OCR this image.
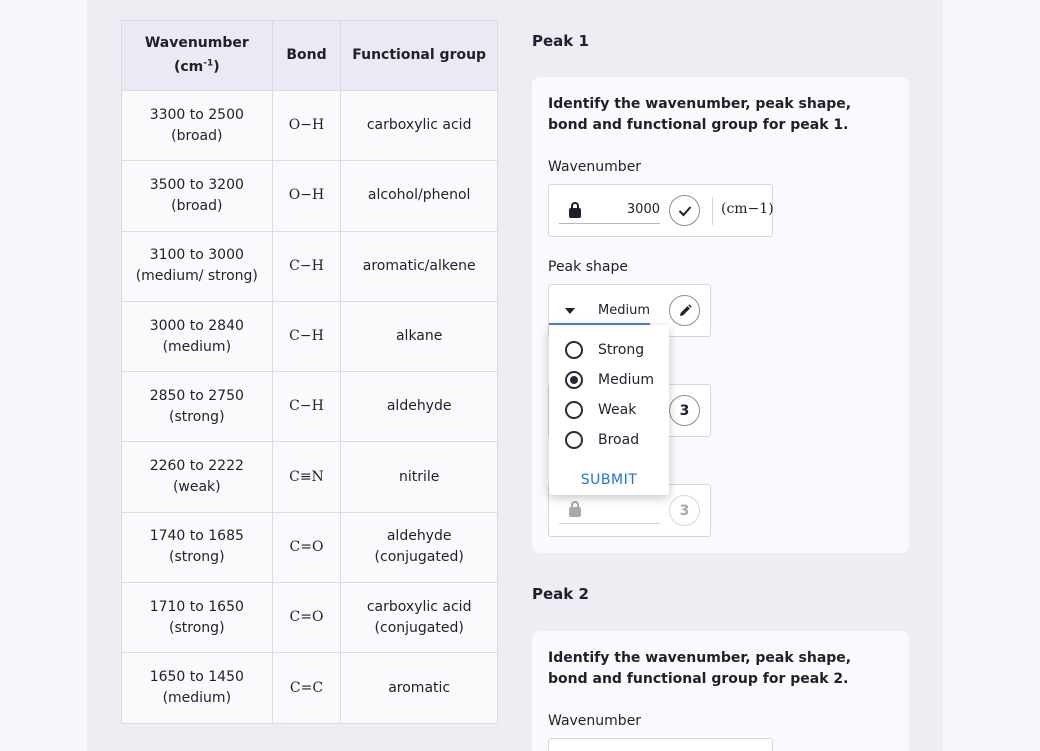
Wavenumber
$(cm^{-1})$	Bond	Functional group
3300 to 2500
(broad)	O−H	carboxylic acid
3500 to 3200
(broad)	O−H	alcohol/phenol
3100 to 3000
(medium/ strong)	C−H	aromatic/alkene
3000 to 2840
(medium)	C−H	alkane
2850 to 2750
(strong)	C−H	aldehyde
2260 to 2222
(weak)	C≡N	nitrile
1740 to 1685
(strong)	C=O	aldehyde
(conjugated)
1710 to 1650
(strong)	C=O	carboxylic acid
(conjugated)
1650 to 1450
(medium)	C=C	aromatic
Peak 1
Identify the wavenumber, peak shape, bond and functional group for peak 1.
Wavenumber
3000	(cm−1)
Peak shape
Medium
3
3
Strong
Medium
Weak
Broad
SUBMIT
Peak 2
Identify the wavenumber, peak shape, bond and functional group for peak 2.
Wavenumber
